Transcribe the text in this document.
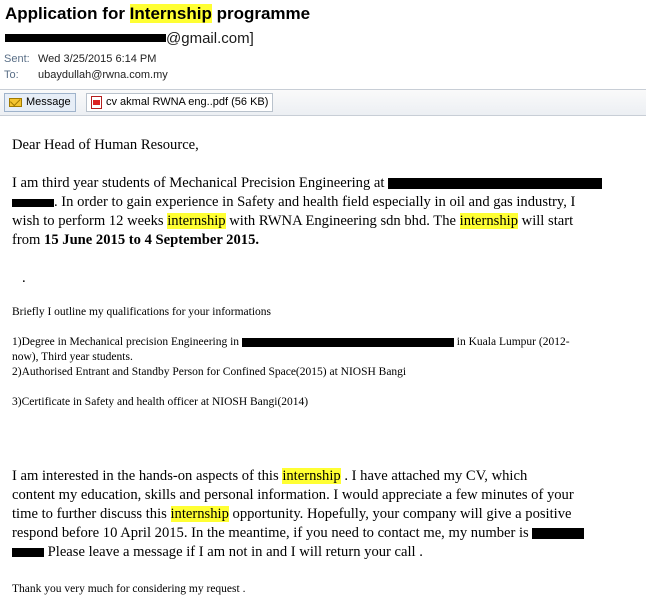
Application for Internship programme
@gmail.com]
Sent: Wed 3/25/2015 6:14 PM
To: ubaydullah@rwna.com.my
Message	cv akmal RWNA eng..pdf (56 KB)
Dear Head of Human Resource,
I am third year students of Mechanical Precision Engineering at
. In order to gain experience in Safety and health field especially in oil and gas industry, I
wish to perform 12 weeks internship with RWNA Engineering sdn bhd. The internship will start
from 15 June 2015 to 4 September 2015.
.
Briefly I outline my qualifications for your informations
1)Degree in Mechanical precision Engineering in	in Kuala Lumpur (2012-
now), Third year students.
2)Authorised Entrant and Standby Person for Confined Space(2015) at NIOSH Bangi
3)Certificate in Safety and health officer at NIOSH Bangi(2014)
I am interested in the hands-on aspects of this internship . I have attached my CV, which
content my education, skills and personal information. I would appreciate a few minutes of your
time to further discuss this internship opportunity. Hopefully, your company will give a positive
respond before 10 April 2015. In the meantime, if you need to contact me, my number is
Please leave a message if I am not in and I will return your call .
Thank you very much for considering my request .
